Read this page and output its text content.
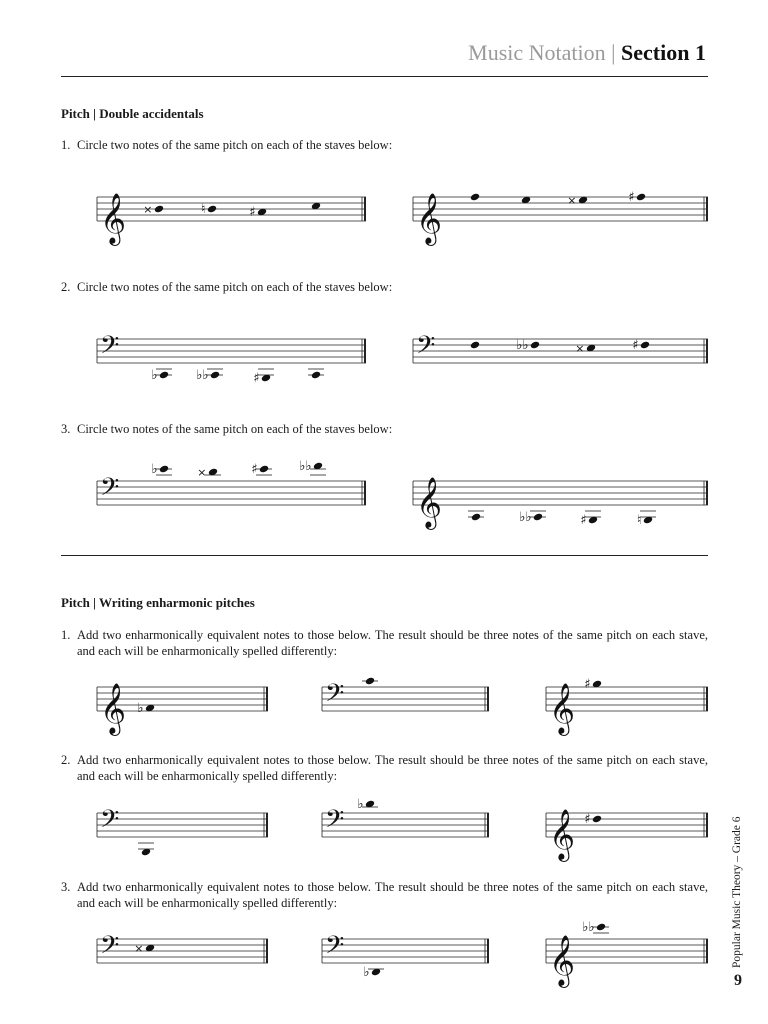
Music Notation | Section 1
Pitch | Double accidentals
1. Circle two notes of the same pitch on each of the staves below:
2. Circle two notes of the same pitch on each of the staves below:
3. Circle two notes of the same pitch on each of the staves below:
Pitch | Writing enharmonic pitches
1. Add two enharmonically equivalent notes to those below. The result should be three notes of the same pitch on each stave, and each will be enharmonically spelled differently:
2. Add two enharmonically equivalent notes to those below. The result should be three notes of the same pitch on each stave, and each will be enharmonically spelled differently:
3. Add two enharmonically equivalent notes to those below. The result should be three notes of the same pitch on each stave, and each will be enharmonically spelled differently:
𝄞 ×	♮	♯	𝄞	×	♯
𝄢
♭	♭♭	♯
𝄢	♭♭	×	♯
𝄢
♭	×	♯	♭♭
𝄞	♭♭	♯	♮
𝄞 ♭	𝄢	𝄞 ♯
𝄢	𝄢
♭
𝄞 ♯
𝄢 ×	𝄢
♭	𝄞
♭♭	Popular Music Theory – Grade 6
9
